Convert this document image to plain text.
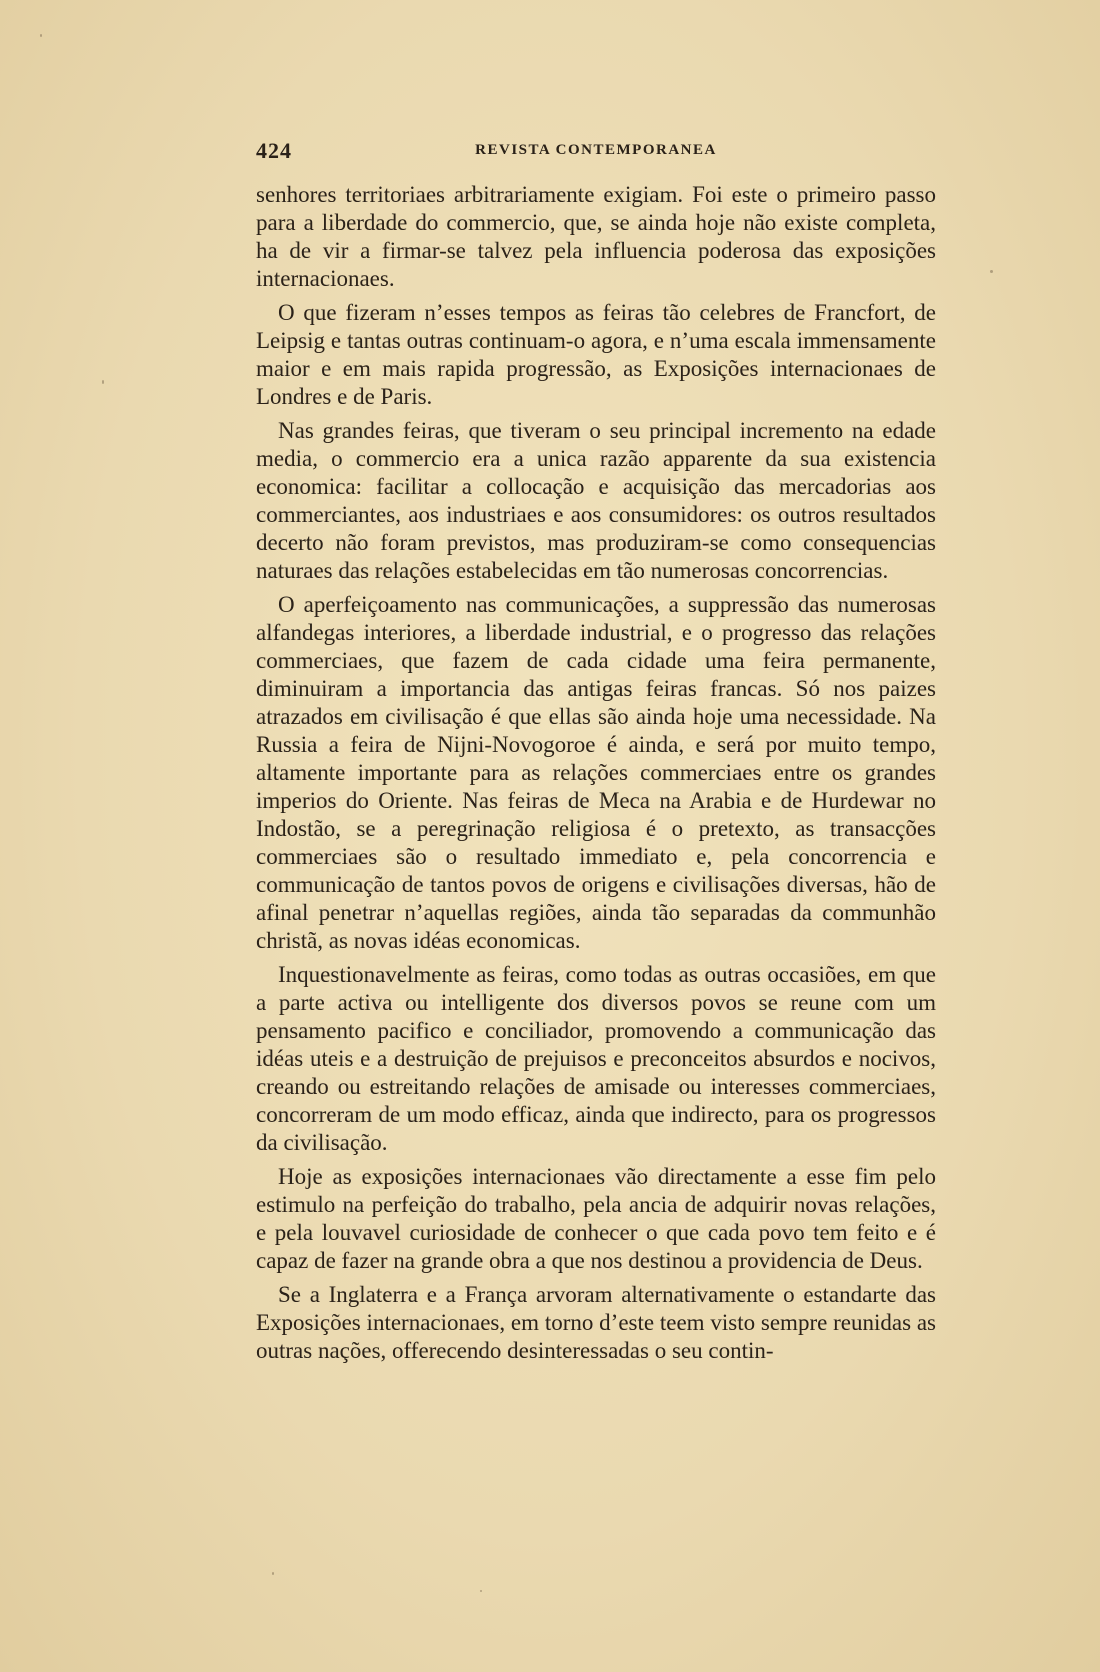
424	REVISTA CONTEMPORANEA

senhores territoriaes arbitrariamente exigiam. Foi este o primeiro passo para a liberdade do commercio, que, se ainda hoje não existe completa, ha de vir a firmar-se talvez pela influencia poderosa das exposições internacionaes.

O que fizeram n’esses tempos as feiras tão celebres de Francfort, de Leipsig e tantas outras continuam-o agora, e n’uma escala immensamente maior e em mais rapida progressão, as Exposições internacionaes de Londres e de Paris.

Nas grandes feiras, que tiveram o seu principal incremento na edade media, o commercio era a unica razão apparente da sua existencia economica: facilitar a collocação e acquisição das mercadorias aos commerciantes, aos industriaes e aos consumidores: os outros resultados decerto não foram previstos, mas produziram-se como consequencias naturaes das relações estabelecidas em tão numerosas concorrencias.

O aperfeiçoamento nas communicações, a suppressão das numerosas alfandegas interiores, a liberdade industrial, e o progresso das relações commerciaes, que fazem de cada cidade uma feira permanente, diminuiram a importancia das antigas feiras francas. Só nos paizes atrazados em civilisação é que ellas são ainda hoje uma necessidade. Na Russia a feira de Nijni-Novogoroe é ainda, e será por muito tempo, altamente importante para as relações commerciaes entre os grandes imperios do Oriente. Nas feiras de Meca na Arabia e de Hurdewar no Indostão, se a peregrinação religiosa é o pretexto, as transacções commerciaes são o resultado immediato e, pela concorrencia e communicação de tantos povos de origens e civilisações diversas, hão de afinal penetrar n’aquellas regiões, ainda tão separadas da communhão christã, as novas idéas economicas.

Inquestionavelmente as feiras, como todas as outras occasiões, em que a parte activa ou intelligente dos diversos povos se reune com um pensamento pacifico e conciliador, promovendo a communicação das idéas uteis e a destruição de prejuisos e preconceitos absurdos e nocivos, creando ou estreitando relações de amisade ou interesses commerciaes, concorreram de um modo efficaz, ainda que indirecto, para os progressos da civilisação.

Hoje as exposições internacionaes vão directamente a esse fim pelo estimulo na perfeição do trabalho, pela ancia de adquirir novas relações, e pela louvavel curiosidade de conhecer o que cada povo tem feito e é capaz de fazer na grande obra a que nos destinou a providencia de Deus.

Se a Inglaterra e a França arvoram alternativamente o estandarte das Exposições internacionaes, em torno d’este teem visto sempre reunidas as outras nações, offerecendo desinteressadas o seu contin-
